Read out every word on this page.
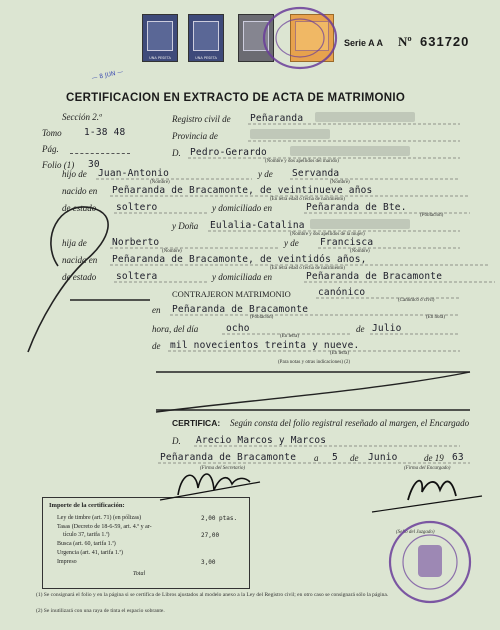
UNA PESETA	UNA PESETA
Serie A A Nº 631720
CERTIFICACION EN EXTRACTO DE ACTA DE MATRIMONIO
Sección 2.ª
Tomo 1-38 48
Pág.
Folio (1) 30
Registro civil de Peñaranda
Provincia de
D. Pedro-Gerardo
(Nombre y dos apellidos del marido)
hijo de Juan-Antonio	y de Servanda
(Nombre)	(Nombre)
nacido en Peñaranda de Bracamonte, de veintinueve años
(En letra edad o fecha de nacimiento)
de estado soltero	y domiciliado en	Peñaranda de Bte.
(Población)
y Doña Eulalia-Catalina
(Nombre y dos apellidos de la mujer)
hija de	Norberto	y de Francisca
(Nombre)	(Nombre)
nacida en Peñaranda de Bracamonte, de veintidós años,
(En letra edad o fecha de nacimiento)
de estado soltera	y domiciliada en	Peñaranda de Bracamonte
CONTRAJERON MATRIMONIO	canónico
(Canónico o civil)
en Peñaranda de Bracamonte
(Población)	(En hora)
hora, del día	ocho
(En letra)
de Julio
de mil novecientos treinta y nueve.
(En letra)
(Para notas y otras indicaciones) (2)
CERTIFICA: Según consta del folio registral reseñado al margen, el Encargado
D. Arecio Marcos y Marcos
Peñaranda de Bracamonte a 5 de Junio	de 19 63
(Firma del Secretario)	(Firma del Encargado)
(Sello del Juzgado)
Importe de la certificación:
Ley de timbre (art. 71) (en pólizas)	2,00 ptas.
Tasas (Decreto de 18-6-59, art. 4.º y ar-
tículo 37, tarifa 1.ª)	27,00
Busca (art. 60, tarifa 1.ª)
Urgencia (art. 41, tarifa 1.ª)
Impreso	3,00
Total
(1) Se consignará el folio y en la página si se certifica de Libros ajustados al modelo anexo a la Ley del Registro civil; en otro caso se consignará sólo la página.
(2) Se inutilizará con una raya de tinta el espacio sobrante.
— 8 JUN —
